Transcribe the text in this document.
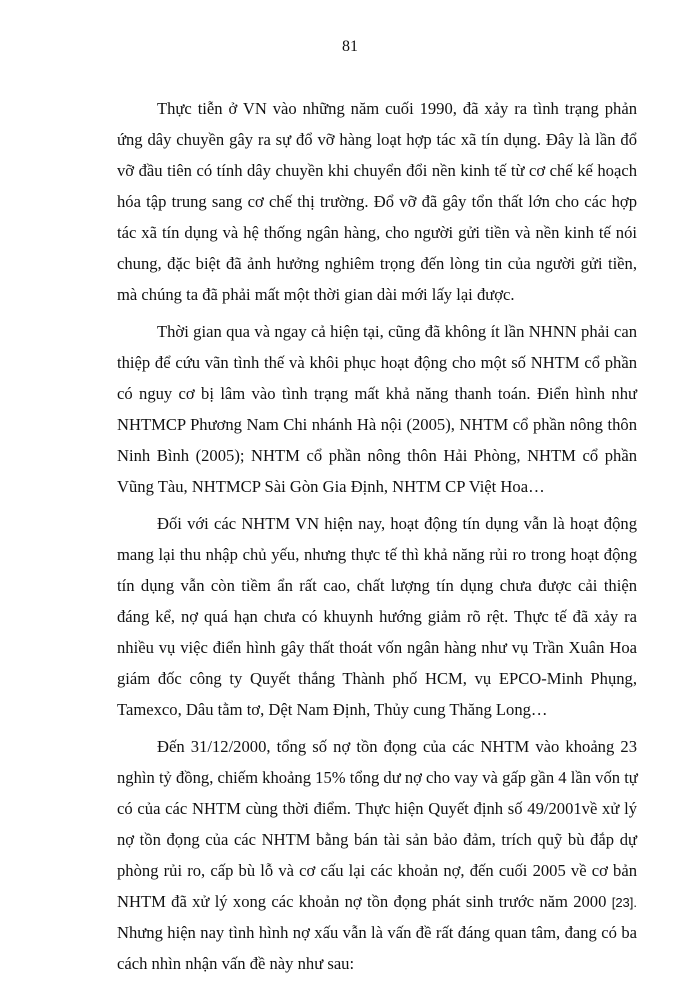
81
Thực tiễn ở VN vào những năm cuối 1990, đã xảy ra tình trạng phản
ứng dây chuyền gây ra sự đổ vỡ hàng loạt hợp tác xã tín dụng. Đây là lần đổ
vỡ đầu tiên có tính dây chuyền khi chuyển đổi nền kinh tế từ cơ chế kế hoạch
hóa tập trung sang cơ chế thị trường. Đổ vỡ đã gây tổn thất lớn cho các hợp
tác xã tín dụng và hệ thống ngân hàng, cho người gửi tiền và nền kinh tế nói
chung, đặc biệt đã ảnh hưởng nghiêm trọng đến lòng tin của người gửi tiền,
mà chúng ta đã phải mất một thời gian dài mới lấy lại được.
Thời gian qua và ngay cả hiện tại, cũng đã không ít lần NHNN phải can
thiệp để cứu vãn tình thế và khôi phục hoạt động cho một số NHTM cổ phần
có nguy cơ bị lâm vào tình trạng mất khả năng thanh toán. Điển hình như
NHTMCP Phương Nam Chi nhánh Hà nội (2005), NHTM cổ phần nông thôn
Ninh Bình (2005); NHTM cổ phần nông thôn Hải Phòng, NHTM cổ phần
Vũng Tàu, NHTMCP Sài Gòn Gia Định, NHTM CP Việt Hoa…
Đối với các NHTM VN hiện nay, hoạt động tín dụng vẫn là hoạt động
mang lại thu nhập chủ yếu, nhưng thực tế thì khả năng rủi ro trong hoạt động
tín dụng vẫn còn tiềm ẩn rất cao, chất lượng tín dụng chưa được cải thiện
đáng kể, nợ quá hạn chưa có khuynh hướng giảm rõ rệt. Thực tế đã xảy ra
nhiều vụ việc điển hình gây thất thoát vốn ngân hàng như vụ Trần Xuân Hoa
giám đốc công ty Quyết thắng Thành phố HCM, vụ EPCO-Minh Phụng,
Tamexco, Dâu tằm tơ, Dệt Nam Định, Thủy cung Thăng Long…
Đến 31/12/2000, tổng số nợ tồn đọng của các NHTM vào khoảng 23
nghìn tỷ đồng, chiếm khoảng 15% tổng dư nợ cho vay và gấp gần 4 lần vốn tự
có của các NHTM cùng thời điểm. Thực hiện Quyết định số 49/2001về xử lý
nợ tồn đọng của các NHTM bằng bán tài sản bảo đảm, trích quỹ bù đắp dự
phòng rủi ro, cấp bù lỗ và cơ cấu lại các khoản nợ, đến cuối 2005 về cơ bản
NHTM đã xử lý xong các khoản nợ tồn đọng phát sinh trước năm 2000 [23].
Nhưng hiện nay tình hình nợ xấu vẫn là vấn đề rất đáng quan tâm, đang có ba
cách nhìn nhận vấn đề này như sau:
